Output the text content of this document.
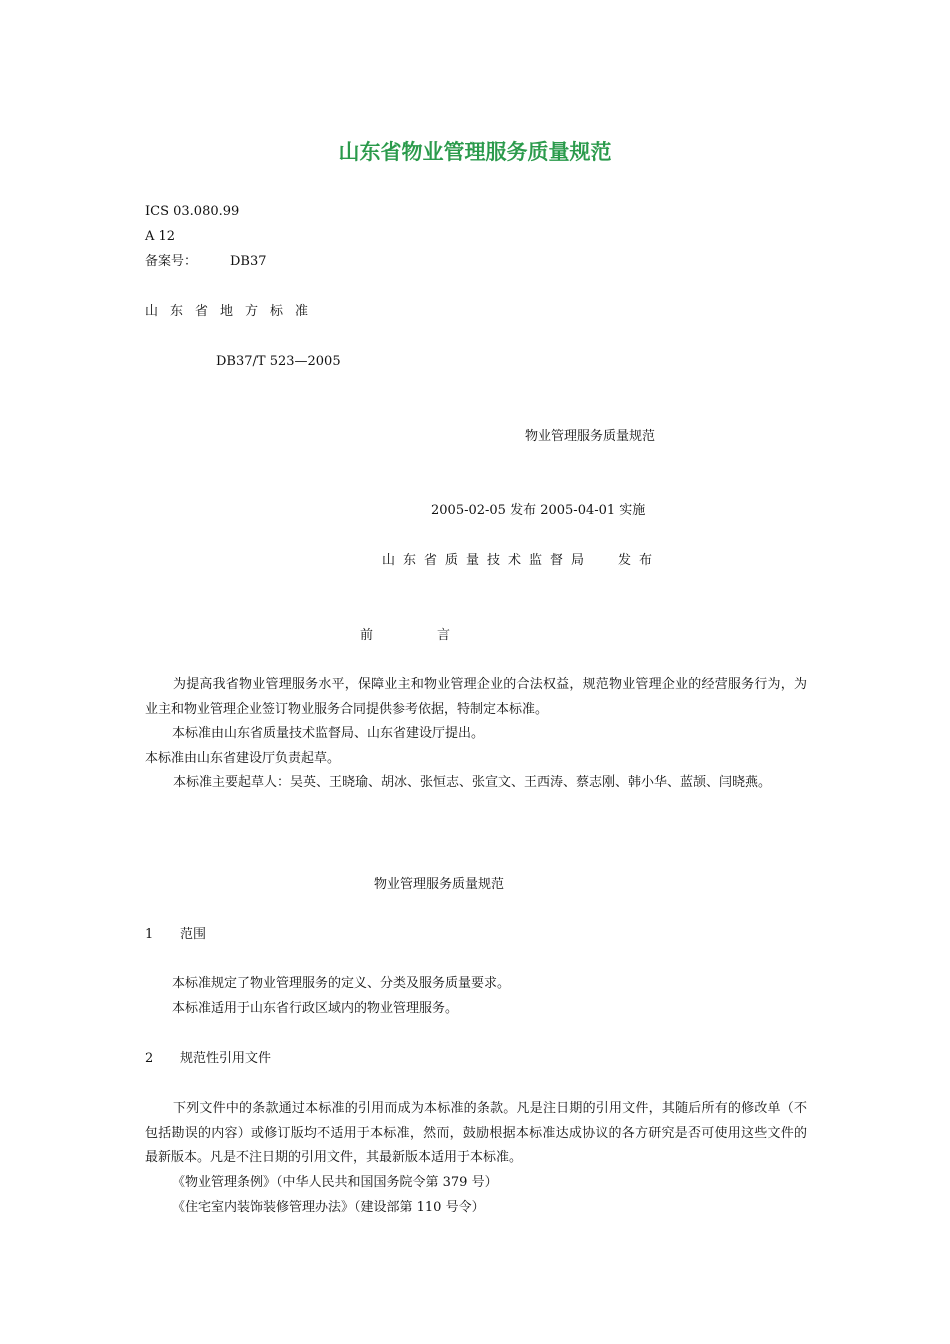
山东省物业管理服务质量规范
ICS 03.080.99
A 12
备案号：	DB37
山东省地方标准
DB37/T 523—2005
物业管理服务质量规范
2005-02-05 发布 2005-04-01 实施
山东省质量技术监督局 发布
前言
为提高我省物业管理服务水平，保障业主和物业管理企业的合法权益，规范物业管理企业的经营服务行为，为业主和物业管理企业签订物业服务合同提供参考依据，特制定本标准。
本标准由山东省质量技术监督局、山东省建设厅提出。
本标准由山东省建设厅负责起草。
本标准主要起草人：吴英、王晓瑜、胡冰、张恒志、张宣文、王西涛、蔡志刚、韩小华、蓝颉、闫晓燕。
物业管理服务质量规范
1 范围
本标准规定了物业管理服务的定义、分类及服务质量要求。
本标准适用于山东省行政区域内的物业管理服务。
2 规范性引用文件
下列文件中的条款通过本标准的引用而成为本标准的条款。凡是注日期的引用文件，其随后所有的修改单（不包括勘误的内容）或修订版均不适用于本标准，然而，鼓励根据本标准达成协议的各方研究是否可使用这些文件的最新版本。凡是不注日期的引用文件，其最新版本适用于本标准。
《物业管理条例》（中华人民共和国国务院令第 379 号）
《住宅室内装饰装修管理办法》（建设部第 110 号令）
